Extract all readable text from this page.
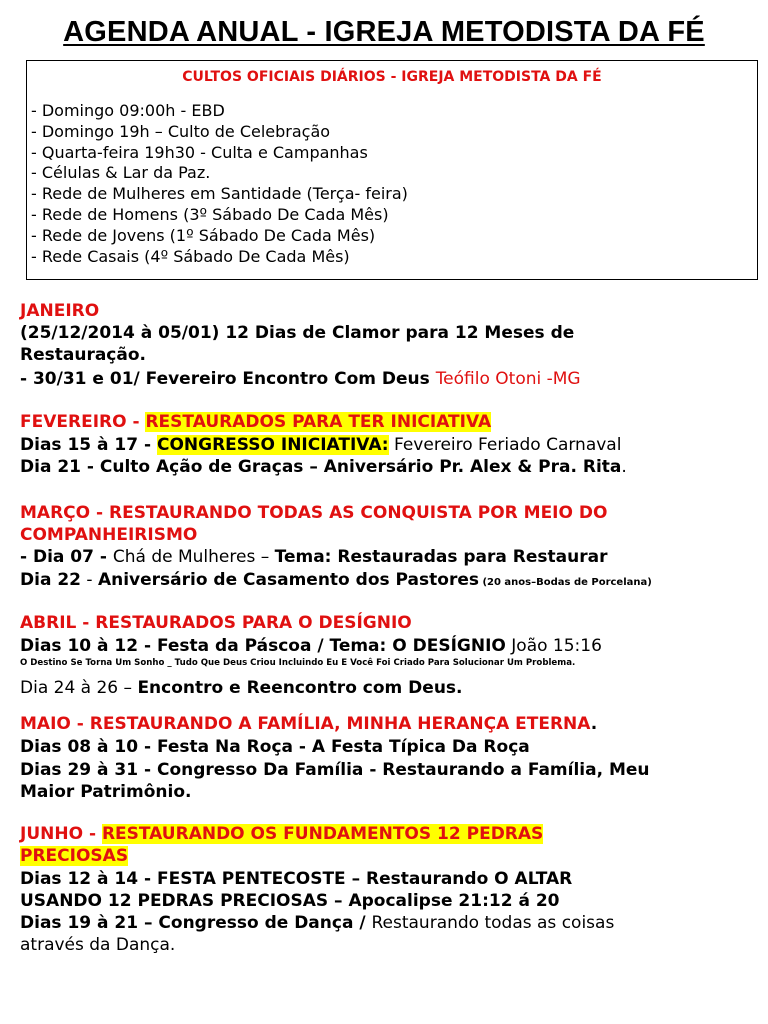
AGENDA ANUAL - IGREJA METODISTA DA FÉ
CULTOS OFICIAIS DIÁRIOS - IGREJA METODISTA DA FÉ
- Domingo 09:00h - EBD
- Domingo 19h – Culto de Celebração
- Quarta-feira 19h30 - Culta e Campanhas
- Células & Lar da Paz.
- Rede de Mulheres em Santidade (Terça- feira)
- Rede de Homens (3º Sábado De Cada Mês)
- Rede de Jovens (1º Sábado De Cada Mês)
- Rede Casais (4º Sábado De Cada Mês)
JANEIRO
(25/12/2014 à 05/01) 12 Dias de Clamor para 12 Meses de
Restauração.
- 30/31 e 01/ Fevereiro Encontro Com Deus Teófilo Otoni -MG
FEVEREIRO - RESTAURADOS PARA TER INICIATIVA
Dias 15 à 17 - CONGRESSO INICIATIVA: Fevereiro Feriado Carnaval
Dia 21 - Culto Ação de Graças – Aniversário Pr. Alex & Pra. Rita.
MARÇO - RESTAURANDO TODAS AS CONQUISTA POR MEIO DO
COMPANHEIRISMO
- Dia 07 - Chá de Mulheres – Tema: Restauradas para Restaurar
Dia 22 - Aniversário de Casamento dos Pastores (20 anos–Bodas de Porcelana)
ABRIL - RESTAURADOS PARA O DESÍGNIO
Dias 10 à 12 - Festa da Páscoa / Tema: O DESÍGNIO João 15:16
O Destino Se Torna Um Sonho _ Tudo Que Deus Criou Incluindo Eu E Você Foi Criado Para Solucionar Um Problema.
Dia 24 à 26 – Encontro e Reencontro com Deus.
MAIO - RESTAURANDO A FAMÍLIA, MINHA HERANÇA ETERNA.
Dias 08 à 10 - Festa Na Roça - A Festa Típica Da Roça
Dias 29 à 31 - Congresso Da Família - Restaurando a Família, Meu
Maior Patrimônio.
JUNHO - RESTAURANDO OS FUNDAMENTOS 12 PEDRAS
PRECIOSAS
Dias 12 à 14 - FESTA PENTECOSTE – Restaurando O ALTAR
USANDO 12 PEDRAS PRECIOSAS – Apocalipse 21:12 á 20
Dias 19 à 21 – Congresso de Dança / Restaurando todas as coisas
através da Dança.
